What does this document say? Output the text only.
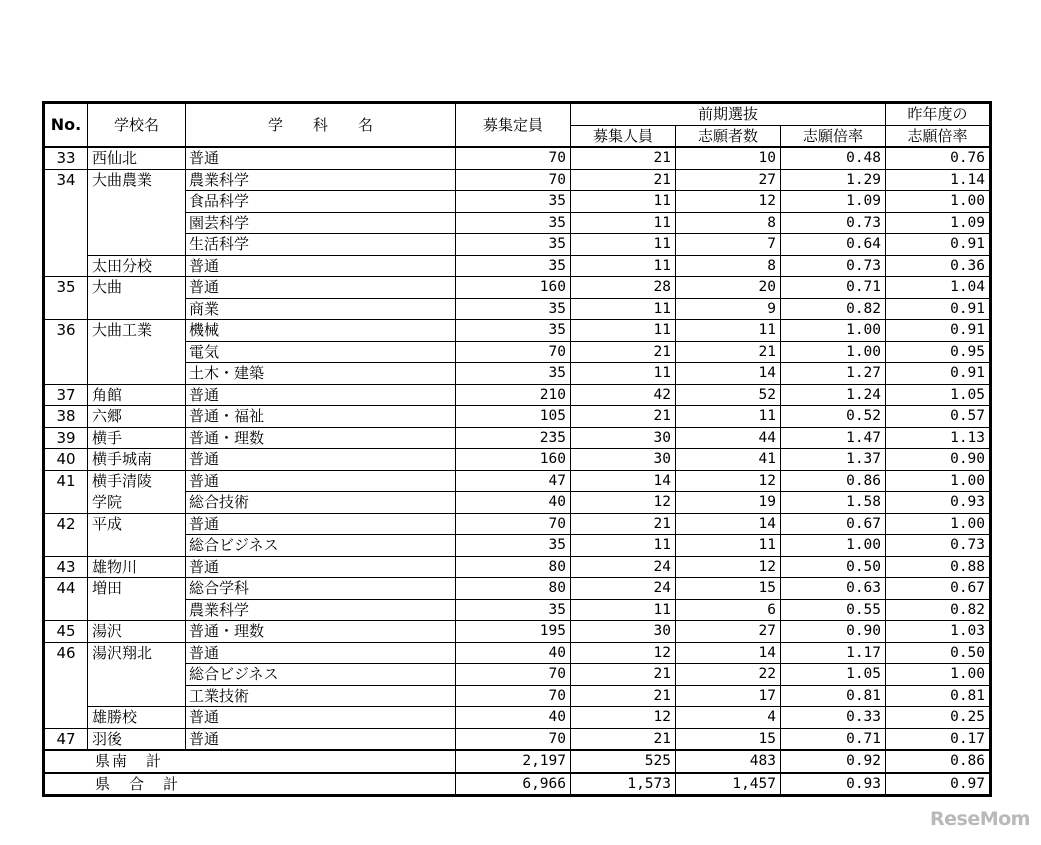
No.	学校名	学　　科　　名	募集定員	前期選抜			昨年度の
				募集人員	志願者数	志願倍率	志願倍率
33	西仙北	普通	70	21	10	0.48	0.76
34	大曲農業	農業科学	70	21	27	1.29	1.14
		食品科学	35	11	12	1.09	1.00
		園芸科学	35	11	8	0.73	1.09
		生活科学	35	11	7	0.64	0.91
	太田分校	普通	35	11	8	0.73	0.36
35	大曲	普通	160	28	20	0.71	1.04
		商業	35	11	9	0.82	0.91
36	大曲工業	機械	35	11	11	1.00	0.91
		電気	70	21	21	1.00	0.95
		土木・建築	35	11	14	1.27	0.91
37	角館	普通	210	42	52	1.24	1.05
38	六郷	普通・福祉	105	21	11	0.52	0.57
39	横手	普通・理数	235	30	44	1.47	1.13
40	横手城南	普通	160	30	41	1.37	0.90
41	横手清陵	普通	47	14	12	0.86	1.00
	学院	総合技術	40	12	19	1.58	0.93
42	平成	普通	70	21	14	0.67	1.00
		総合ビジネス	35	11	11	1.00	0.73
43	雄物川	普通	80	24	12	0.50	0.88
44	増田	総合学科	80	24	15	0.63	0.67
		農業科学	35	11	6	0.55	0.82
45	湯沢	普通・理数	195	30	27	0.90	1.03
46	湯沢翔北	普通	40	12	14	1.17	0.50
		総合ビジネス	70	21	22	1.05	1.00
		工業技術	70	21	17	0.81	0.81
	雄勝校	普通	40	12	4	0.33	0.25
47	羽後	普通	70	21	15	0.71	0.17
県南　計			2,197	525	483	0.92	0.86
県　合　計			6,966	1,573	1,457	0.93	0.97
ReseMom
